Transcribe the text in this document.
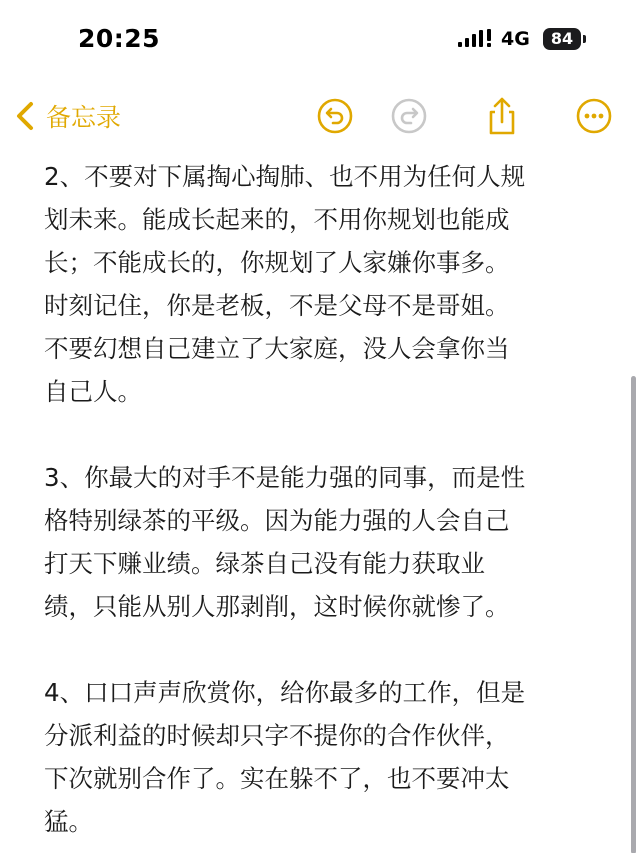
20:25	4G 84
备忘录

2、不要对下属掏心掏肺、也不用为任何人规
划未来。能成长起来的，不用你规划也能成
长；不能成长的，你规划了人家嫌你事多。
时刻记住，你是老板，不是父母不是哥姐。
不要幻想自己建立了大家庭，没人会拿你当
自己人。

3、你最大的对手不是能力强的同事，而是性
格特别绿茶的平级。因为能力强的人会自己
打天下赚业绩。绿茶自己没有能力获取业
绩，只能从别人那剥削，这时候你就惨了。

4、口口声声欣赏你，给你最多的工作，但是
分派利益的时候却只字不提你的合作伙伴，
下次就别合作了。实在躲不了，也不要冲太
猛。
